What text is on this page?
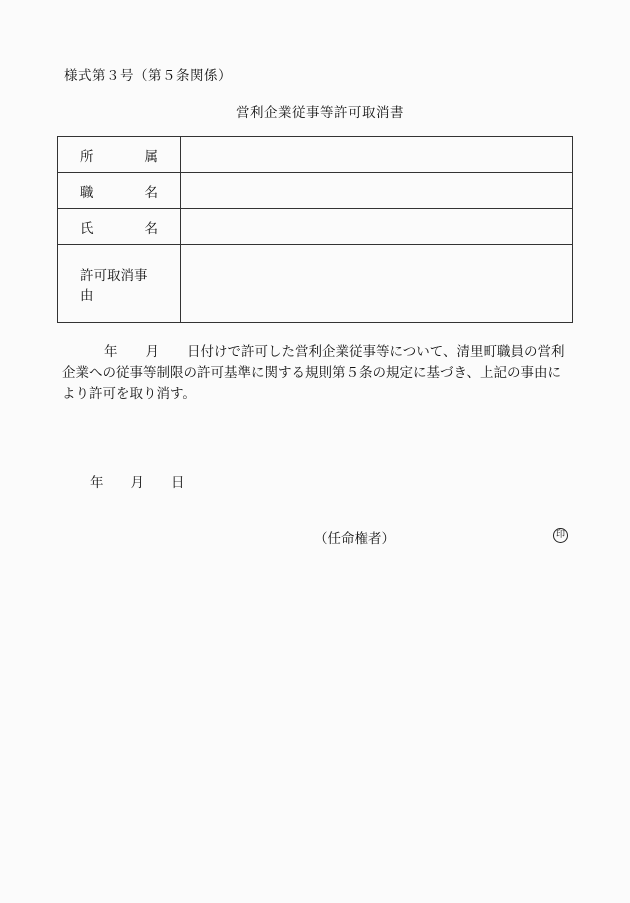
様式第３号（第５条関係）
営利企業従事等許可取消書
所 属	

職 名	

氏 名	

許可取消事由	
年 月 日付けで許可した営利企業従事等について、清里町職員の営利
企業への従事等制限の許可基準に関する規則第５条の規定に基づき、上記の事由に
より許可を取り消す。
年 月 日
（任命権者）	印
